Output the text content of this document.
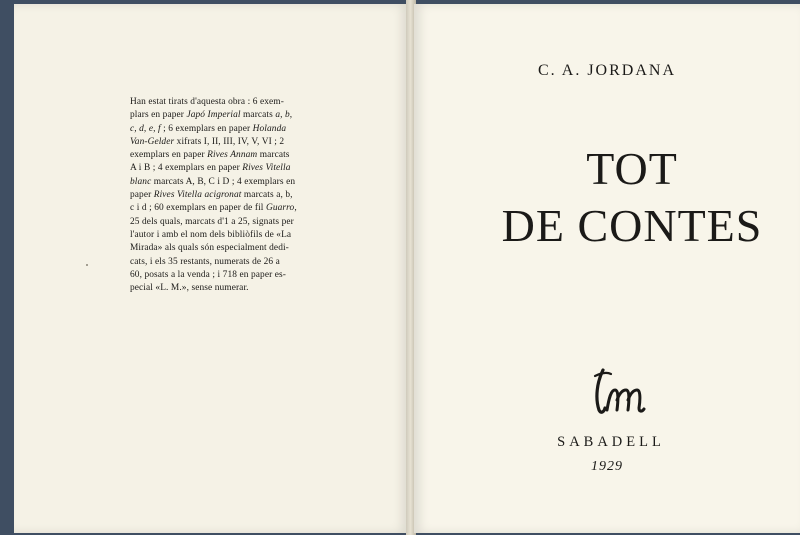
Han estat tirats d'aquesta obra : 6 exem-
plars en paper Japó Imperial marcats a, b,
c, d, e, f ; 6 exemplars en paper Holanda
Van-Gelder xifrats I, II, III, IV, V, VI ; 2
exemplars en paper Rives Annam marcats
A i B ; 4 exemplars en paper Rives Vitella
blanc marcats A, B, C i D ; 4 exemplars en
paper Rives Vitella acigronat marcats a, b,
c i d ; 60 exemplars en paper de fil Guarro,
25 dels quals, marcats d'1 a 25, signats per
l'autor i amb el nom dels bibliòfils de «La
Mirada» als quals són especialment dedi-
cats, i els 35 restants, numerats de 26 a
60, posats a la venda ; i 718 en paper es-
pecial «L. M.», sense numerar.
C. A. JORDANA
TOT
DE CONTES
SABADELL
1929
